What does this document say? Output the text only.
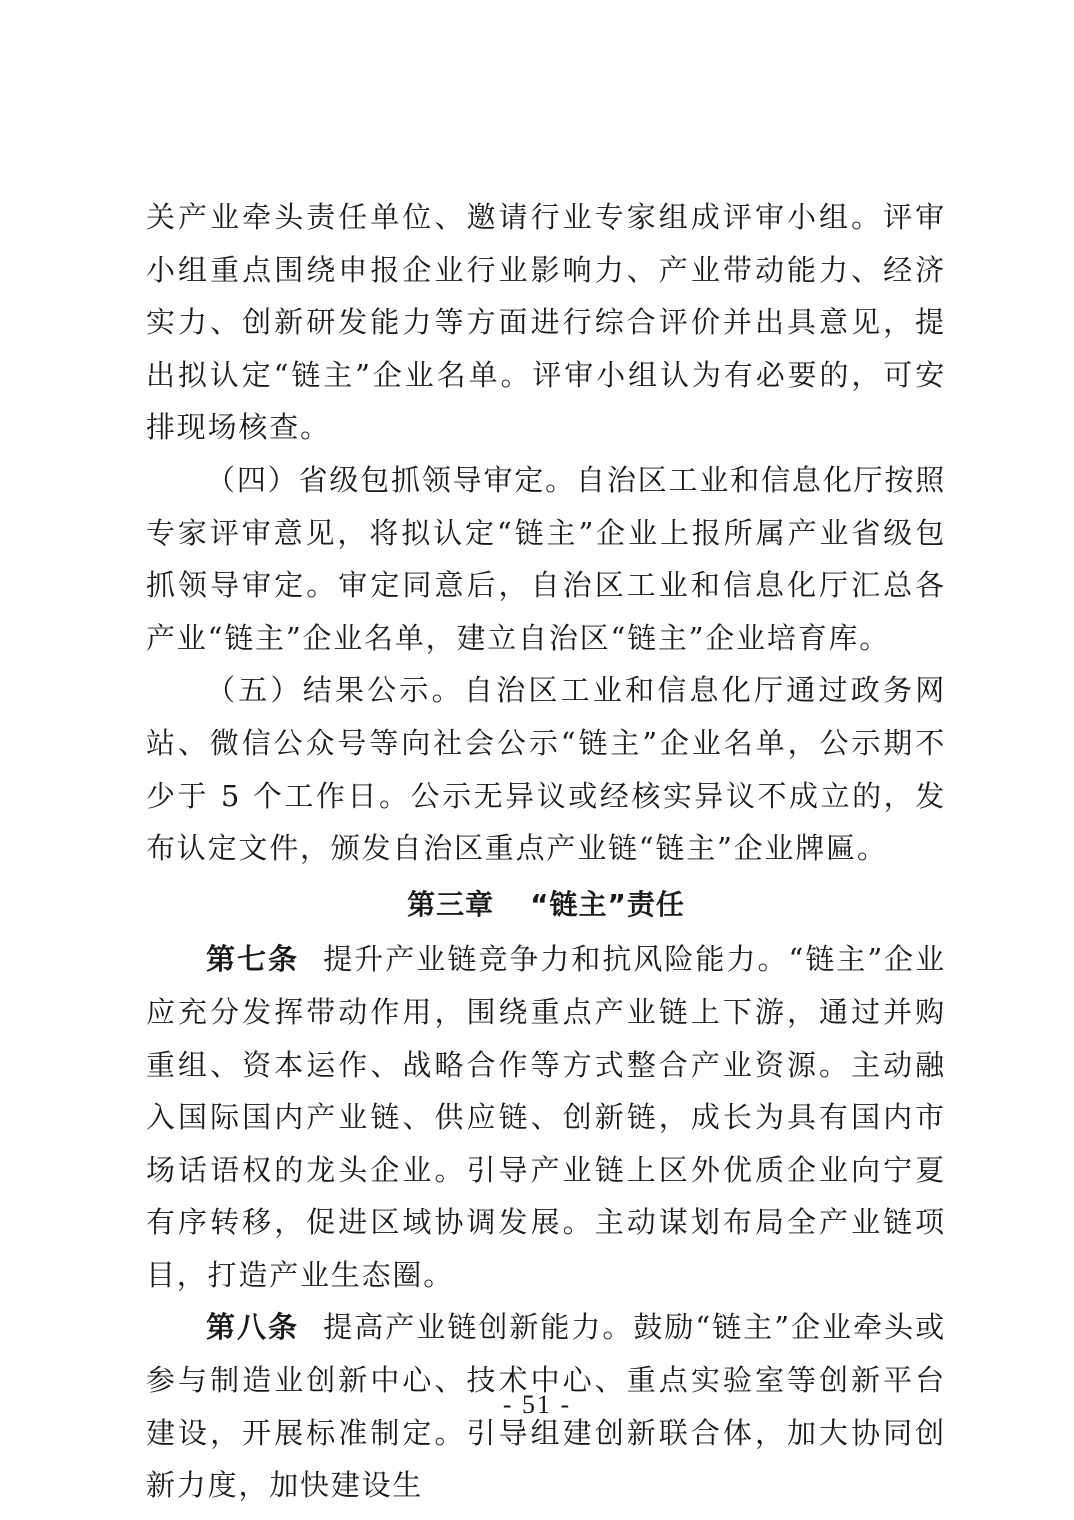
关产业牵头责任单位、邀请行业专家组成评审小组。评审小组重点围绕申报企业行业影响力、产业带动能力、经济实力、创新研发能力等方面进行综合评价并出具意见，提出拟认定“链主”企业名单。评审小组认为有必要的，可安排现场核查。

（四）省级包抓领导审定。自治区工业和信息化厅按照专家评审意见，将拟认定“链主”企业上报所属产业省级包抓领导审定。审定同意后，自治区工业和信息化厅汇总各产业“链主”企业名单，建立自治区“链主”企业培育库。

（五）结果公示。自治区工业和信息化厅通过政务网站、微信公众号等向社会公示“链主”企业名单，公示期不少于 5 个工作日。公示无异议或经核实异议不成立的，发布认定文件，颁发自治区重点产业链“链主”企业牌匾。

第三章 “链主”责任

第七条 提升产业链竞争力和抗风险能力。“链主”企业应充分发挥带动作用，围绕重点产业链上下游，通过并购重组、资本运作、战略合作等方式整合产业资源。主动融入国际国内产业链、供应链、创新链，成长为具有国内市场话语权的龙头企业。引导产业链上区外优质企业向宁夏有序转移，促进区域协调发展。主动谋划布局全产业链项目，打造产业生态圈。

第八条 提高产业链创新能力。鼓励“链主”企业牵头或参与制造业创新中心、技术中心、重点实验室等创新平台建设，开展标准制定。引导组建创新联合体，加大协同创新力度，加快建设生

- 51 -
